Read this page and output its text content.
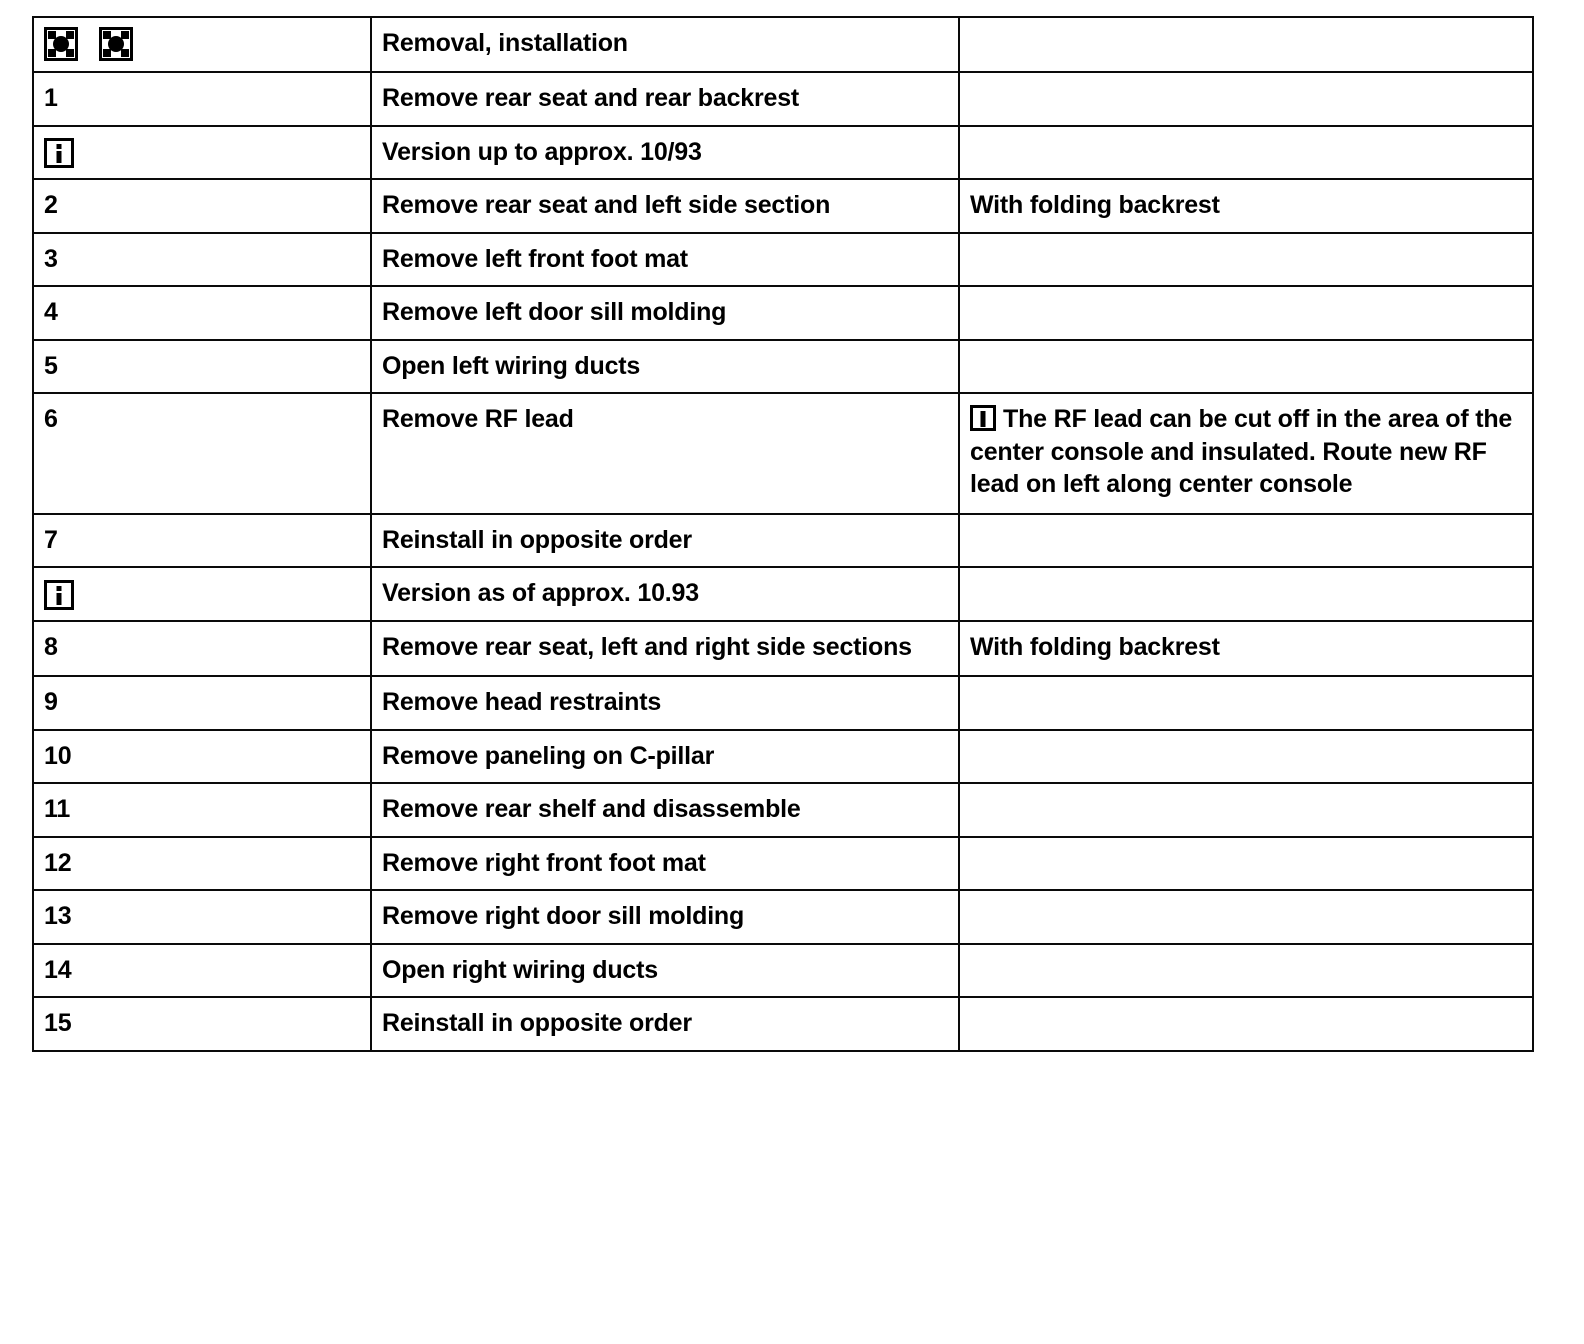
	Removal, installation	
1	Remove rear seat and rear backrest	

	Version up to approx. 10/93	
2	Remove rear seat and left side section	With folding backrest
3	Remove left front foot mat	
4	Remove left door sill molding	
5	Open left wiring ducts	
6	Remove RF lead	The RF lead can be cut off in the area of the center console and insulated. Route new RF lead on left along center console
7	Reinstall in opposite order	

	Version as of approx. 10.93	
8	Remove rear seat, left and right side sections	With folding backrest
9	Remove head restraints	
10	Remove paneling on C-pillar	
11	Remove rear shelf and disassemble	
12	Remove right front foot mat	
13	Remove right door sill molding	
14	Open right wiring ducts	
15	Reinstall in opposite order	
